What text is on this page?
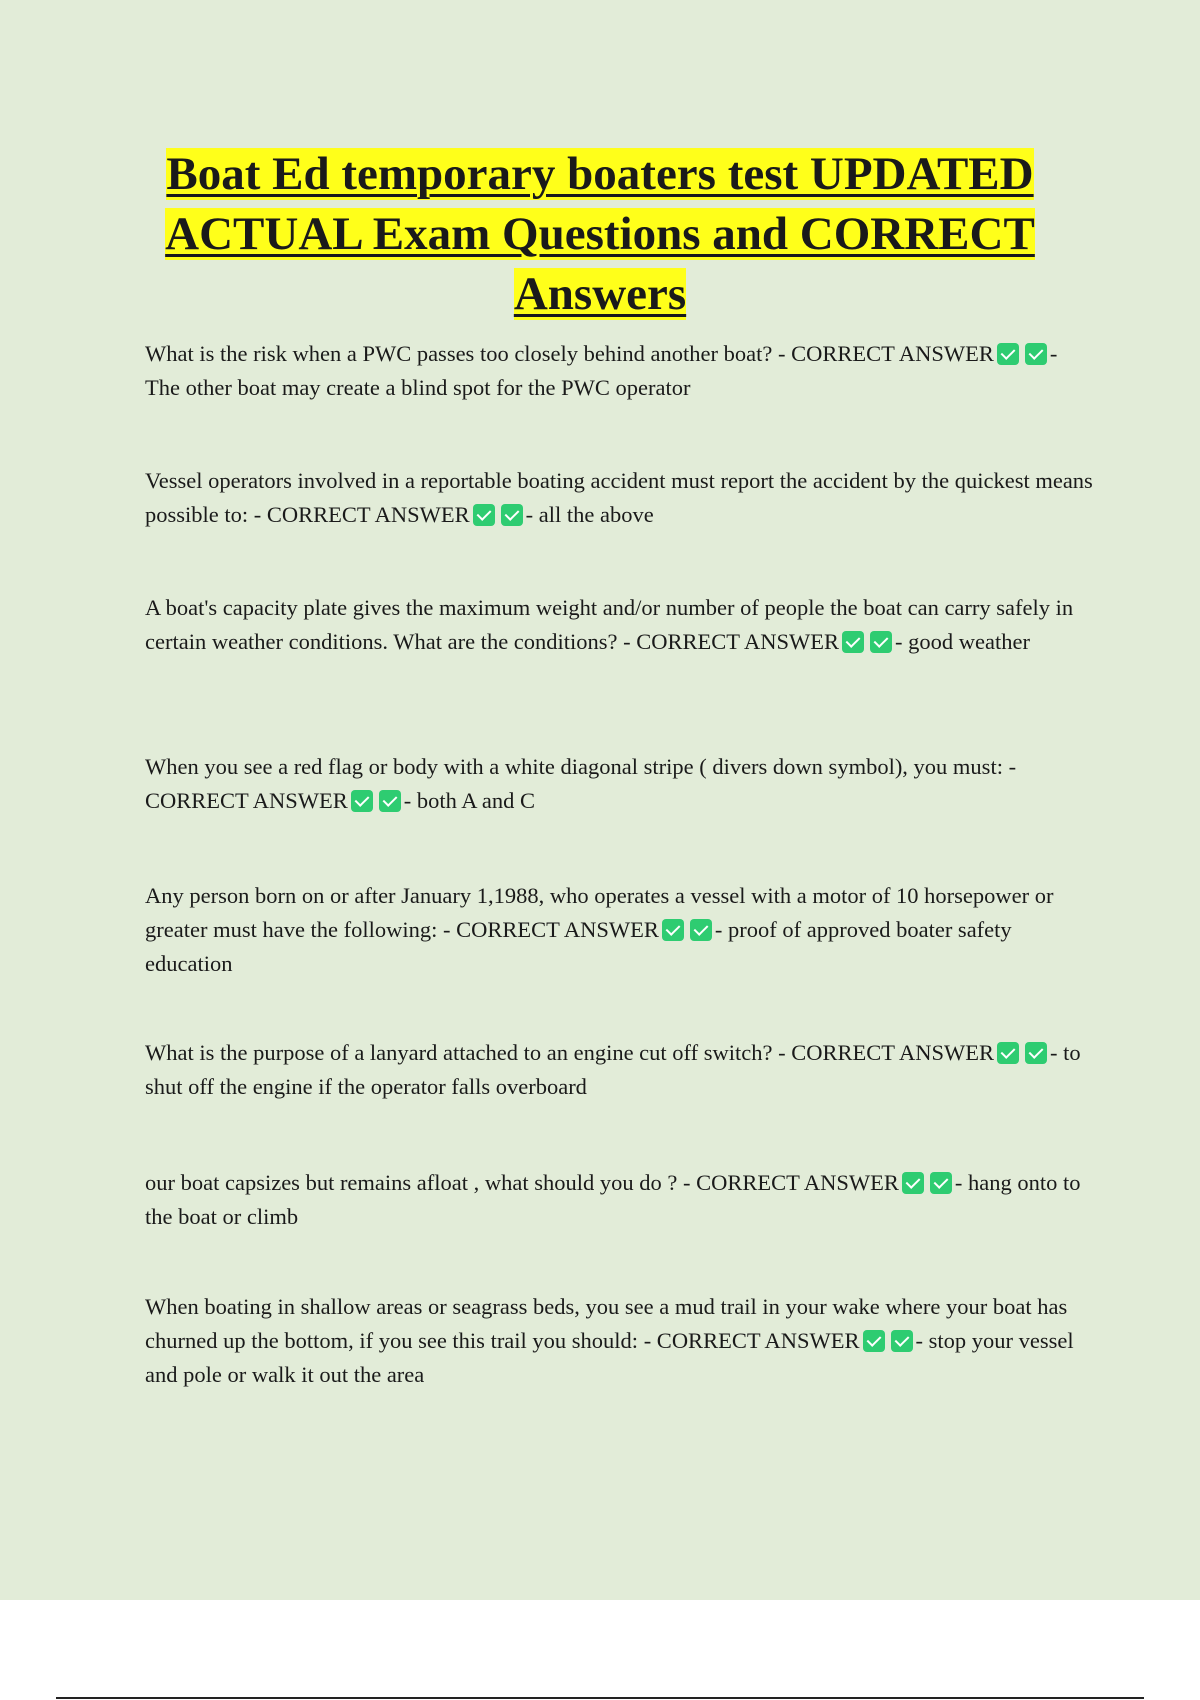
Boat Ed temporary boaters test UPDATED ACTUAL Exam Questions and CORRECT Answers

What is the risk when a PWC passes too closely behind another boat? - CORRECT ANSWER - The other boat may create a blind spot for the PWC operator

Vessel operators involved in a reportable boating accident must report the accident by the quickest means possible to: - CORRECT ANSWER - all the above

A boat's capacity plate gives the maximum weight and/or number of people the boat can carry safely in certain weather conditions. What are the conditions? - CORRECT ANSWER - good weather

When you see a red flag or body with a white diagonal stripe ( divers down symbol), you must: - CORRECT ANSWER - both A and C

Any person born on or after January 1,1988, who operates a vessel with a motor of 10 horsepower or greater must have the following: - CORRECT ANSWER - proof of approved boater safety education

What is the purpose of a lanyard attached to an engine cut off switch? - CORRECT ANSWER - to shut off the engine if the operator falls overboard

our boat capsizes but remains afloat , what should you do ? - CORRECT ANSWER - hang onto to the boat or climb

When boating in shallow areas or seagrass beds, you see a mud trail in your wake where your boat has churned up the bottom, if you see this trail you should: - CORRECT ANSWER - stop your vessel and pole or walk it out the area
